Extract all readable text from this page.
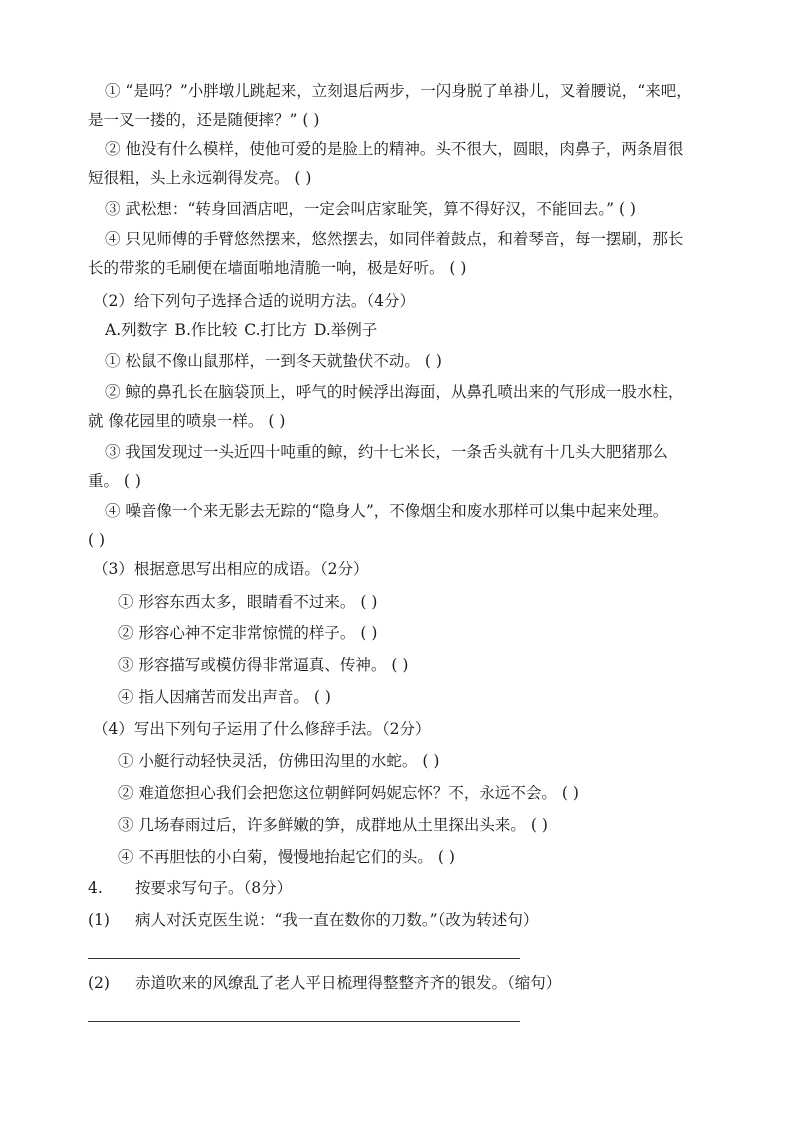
① “是吗？”小胖墩儿跳起来，立刻退后两步，一闪身脱了单褂儿，叉着腰说，“来吧，
是一叉一搂的，还是随便摔？” ( )
② 他没有什么模样，使他可爱的是脸上的精神。头不很大，圆眼，肉鼻子，两条眉很
短很粗，头上永远剃得发亮。 ( )
③ 武松想：“转身回酒店吧，一定会叫店家耻笑，算不得好汉，不能回去。” ( )
④ 只见师傅的手臂悠然摆来，悠然摆去，如同伴着鼓点，和着琴音，每一摆刷，那长
长的带浆的毛刷便在墙面啪地清脆一响，极是好听。 ( )
（2）给下列句子选择合适的说明方法。（4分）
A.列数字 B.作比较 C.打比方 D.举例子
① 松鼠不像山鼠那样，一到冬天就蛰伏不动。 ( )
② 鲸的鼻孔长在脑袋顶上，呼气的时候浮出海面，从鼻孔喷出来的气形成一股水柱，
就 像花园里的喷泉一样。 ( )
③ 我国发现过一头近四十吨重的鲸，约十七米长，一条舌头就有十几头大肥猪那么
重。 ( )
④ 噪音像一个来无影去无踪的“隐身人”，不像烟尘和废水那样可以集中起来处理。
( )
（3）根据意思写出相应的成语。（2分）
① 形容东西太多，眼睛看不过来。 ( )
② 形容心神不定非常惊慌的样子。 ( )
③ 形容描写或模仿得非常逼真、传神。 ( )
④ 指人因痛苦而发出声音。 ( )
（4）写出下列句子运用了什么修辞手法。（2分）
① 小艇行动轻快灵活，仿佛田沟里的水蛇。 ( )
② 难道您担心我们会把您这位朝鲜阿妈妮忘怀？不，永远不会。 ( )
③ 几场春雨过后，许多鲜嫩的笋，成群地从土里探出头来。 ( )
④ 不再胆怯的小白菊，慢慢地抬起它们的头。 ( )
4. 按要求写句子。（8分）
(1) 病人对沃克医生说：“我一直在数你的刀数。”（改为转述句）
(2) 赤道吹来的风缭乱了老人平日梳理得整整齐齐的银发。（缩句）
